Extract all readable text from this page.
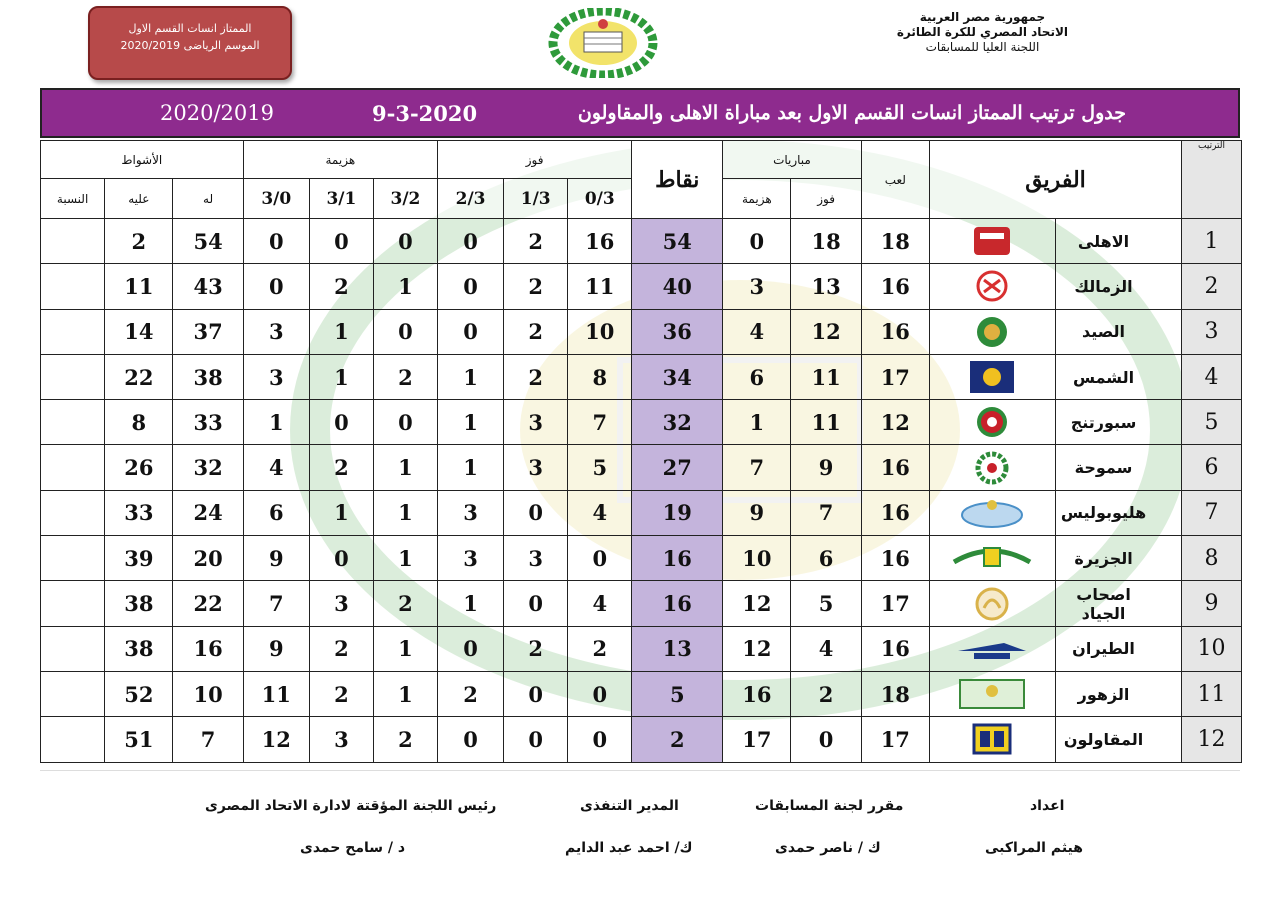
الممتاز انسات القسم الاول
الموسم الرياضى 2020/2019
جمهورية مصر العربية
الاتحاد المصري للكرة الطائرة
اللجنة العليا للمسابقات
جدول ترتيب الممتاز انسات القسم الاول بعد مباراة الاهلى والمقاولون
9-3-2020
2020/2019
الترتيب	الفريق		لعب	مباريات		نقاط	فوز			هزيمة			الأشواط		
				فوز	هزيمة		0/3	1/3	2/3	3/2	3/1	3/0	له	عليه	النسبة
1	الاهلى		18	18	0	54	16	2	0	0	0	0	54	2	
2	الزمالك		16	13	3	40	11	2	0	1	2	0	43	11	
3	الصيد		16	12	4	36	10	2	0	0	1	3	37	14	
4	الشمس		17	11	6	34	8	2	1	2	1	3	38	22	
5	سبورتنج		12	11	1	32	7	3	1	0	0	1	33	8	
6	سموحة		16	9	7	27	5	3	1	1	2	4	32	26	
7	هليوبوليس		16	7	9	19	4	0	3	1	1	6	24	33	
8	الجزيرة		16	6	10	16	0	3	3	1	0	9	20	39	
9	اصحاب الجياد		17	5	12	16	4	0	1	2	3	7	22	38	
10	الطيران		16	4	12	13	2	2	0	1	2	9	16	38	
11	الزهور		18	2	16	5	0	0	2	1	2	11	10	52	
12	المقاولون		17	0	17	2	0	0	0	2	3	12	7	51	
اعداد
هيثم المراكبى
مقرر لجنة المسابقات
ك / ناصر حمدى
المدير التنفذى
ك/ احمد عبد الدايم
رئيس اللجنة المؤقتة لادارة الاتحاد المصرى
د / سامح حمدى
